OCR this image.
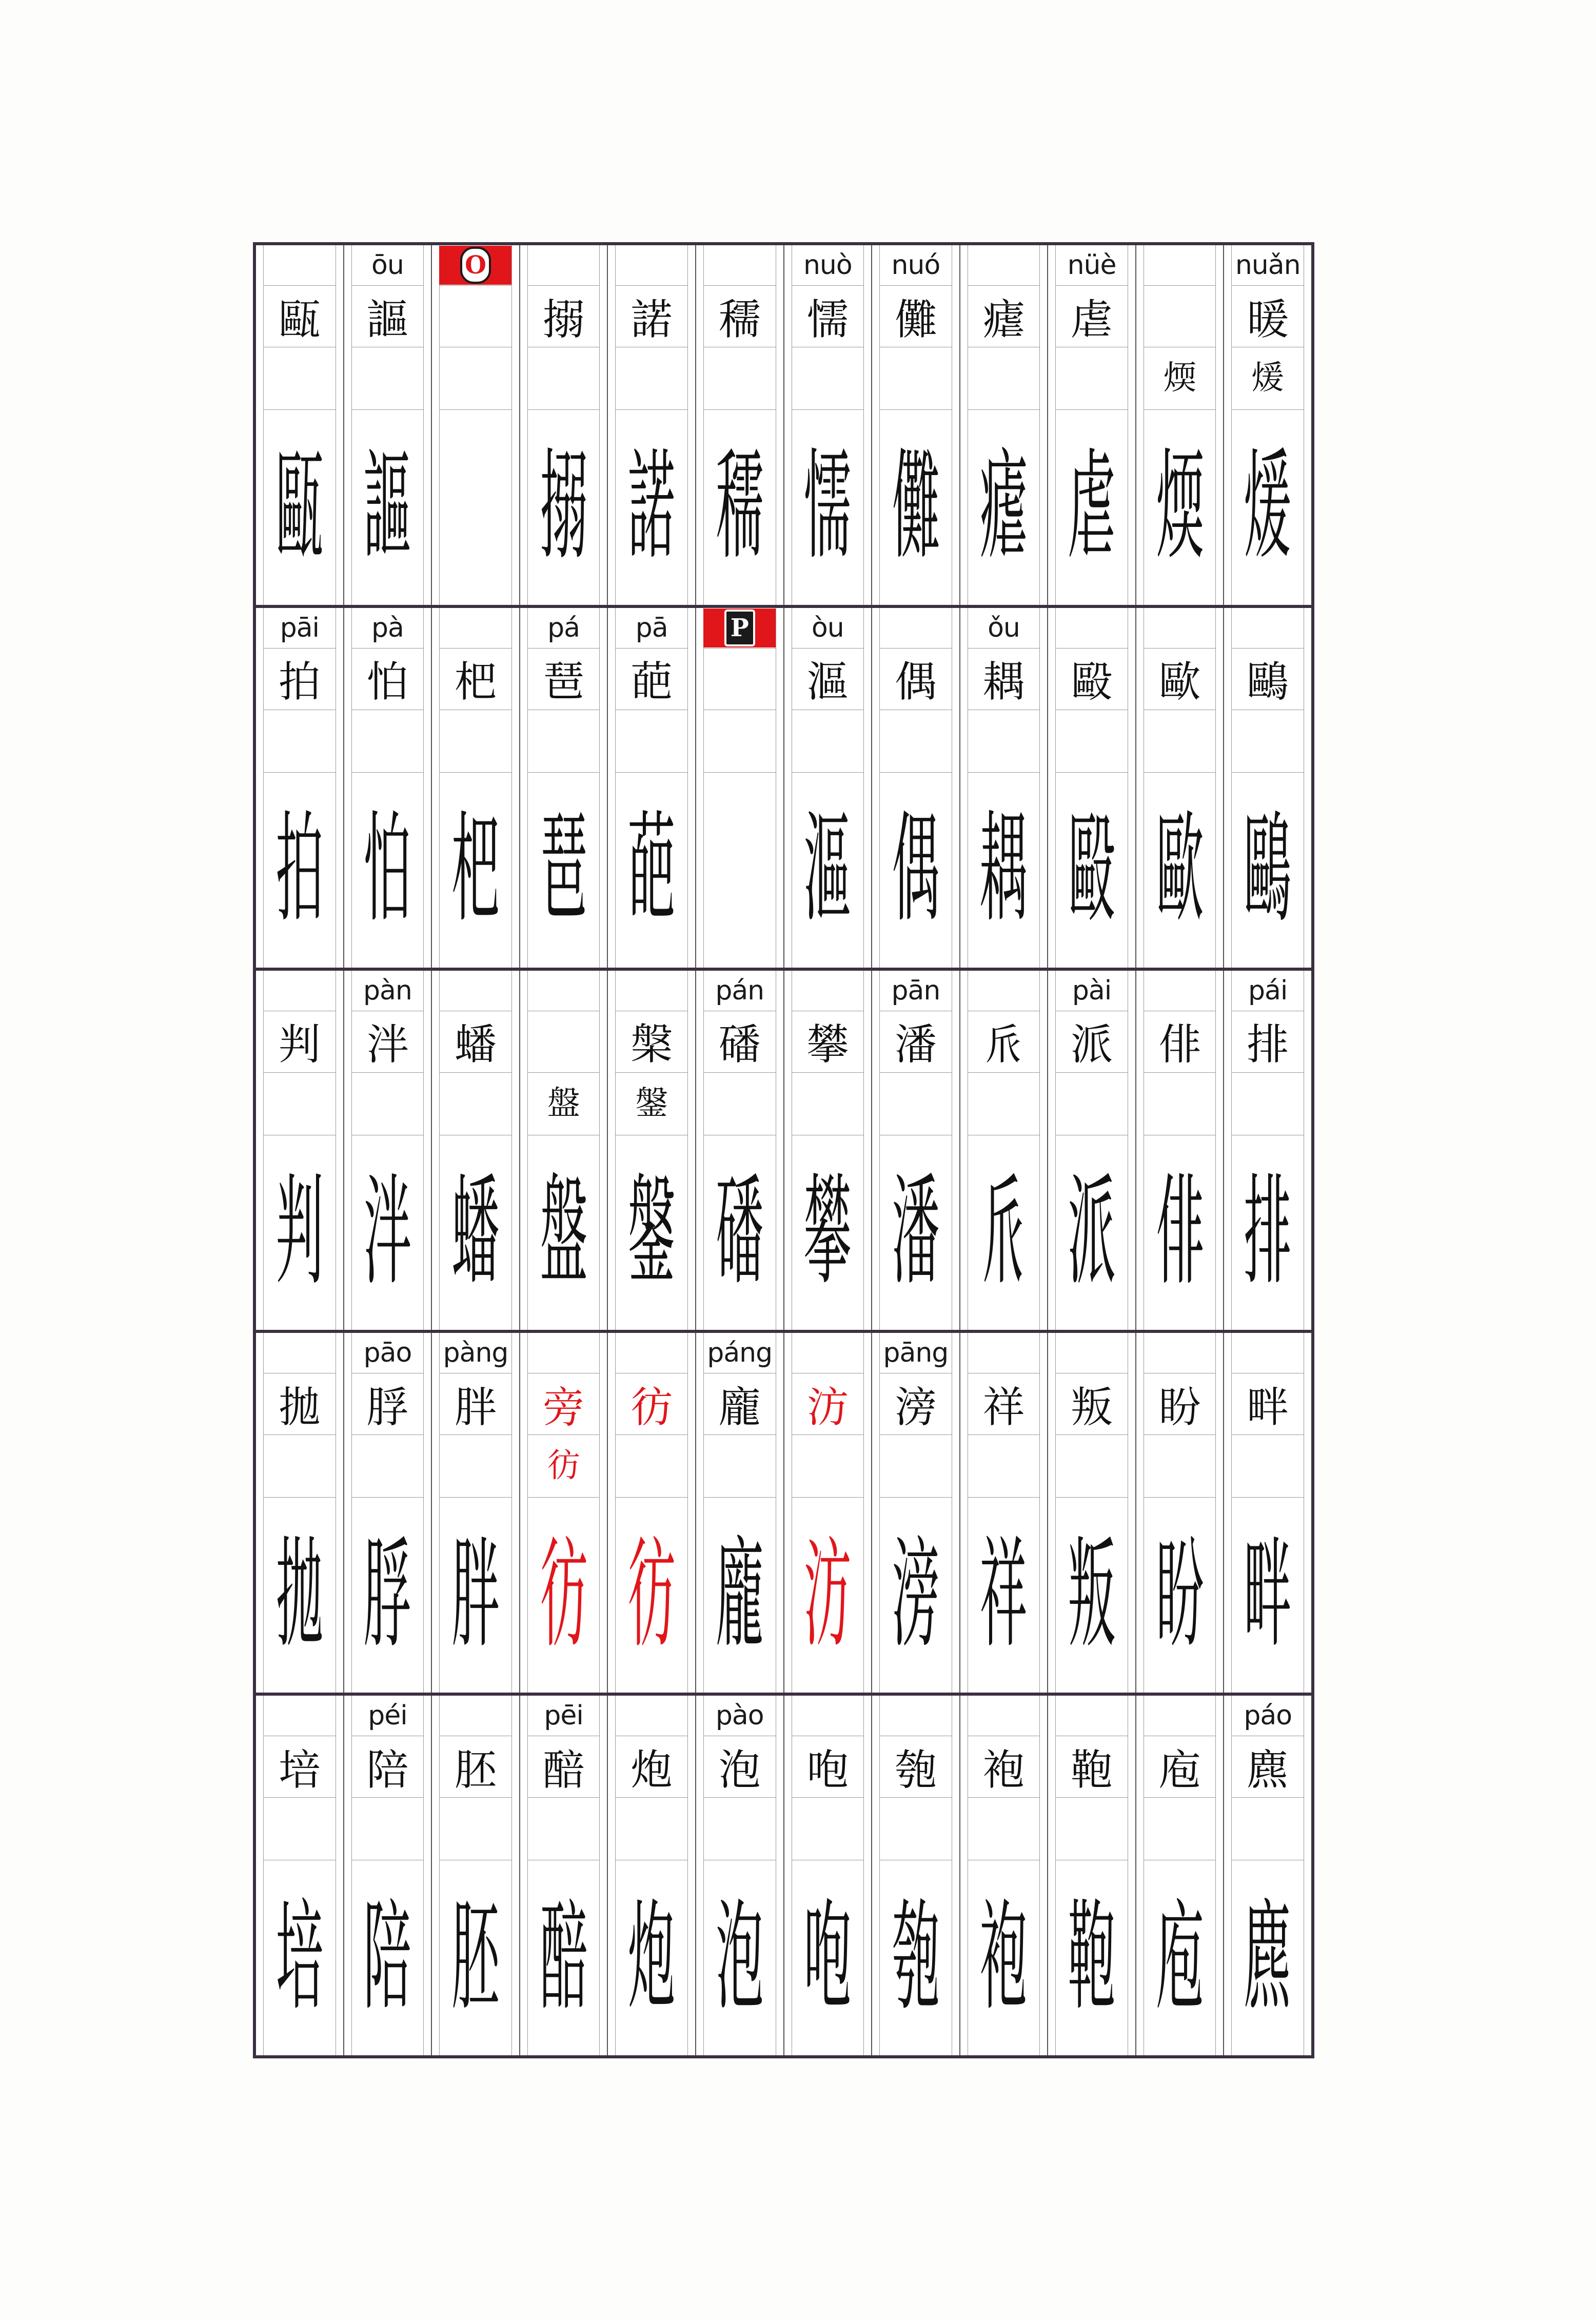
nuǎn
暖
煖
煖
煗
煗
nüè
虐
虐
瘧
瘧
nuó
儺
儺
nuò
懦
懦
穤
穤
諾
諾
搦
搦
O
ōu
謳
謳
甌
甌
鷗
鷗
歐
歐
毆
毆
ǒu
耦
耦
偶
偶
òu
漚
漚
P
pā
葩
葩
pá
琶
琶
杷
杷
pà
怕
怕
pāi
拍
拍
pái
排
排
俳
俳
pài
派
派
𠂢
𠂢
pān
潘
潘
攀
攀
pán
磻
磻
槃
鎜
鎜
盤
盤
蟠
蟠
pàn
泮
泮
判
判
畔
畔
盼
盼
叛
叛
祥
祥
pāng
滂
滂
汸
汸
páng
龐
龐
彷
彷
旁
彷
彷
pàng
胖
胖
pāo
脬
脬
拋
拋
páo
麃
麃
庖
庖
鞄
鞄
袍
袍
匏
匏
咆
咆
pào
泡
泡
炮
炮
pēi
醅
醅
胚
胚
péi
陪
陪
培
培
